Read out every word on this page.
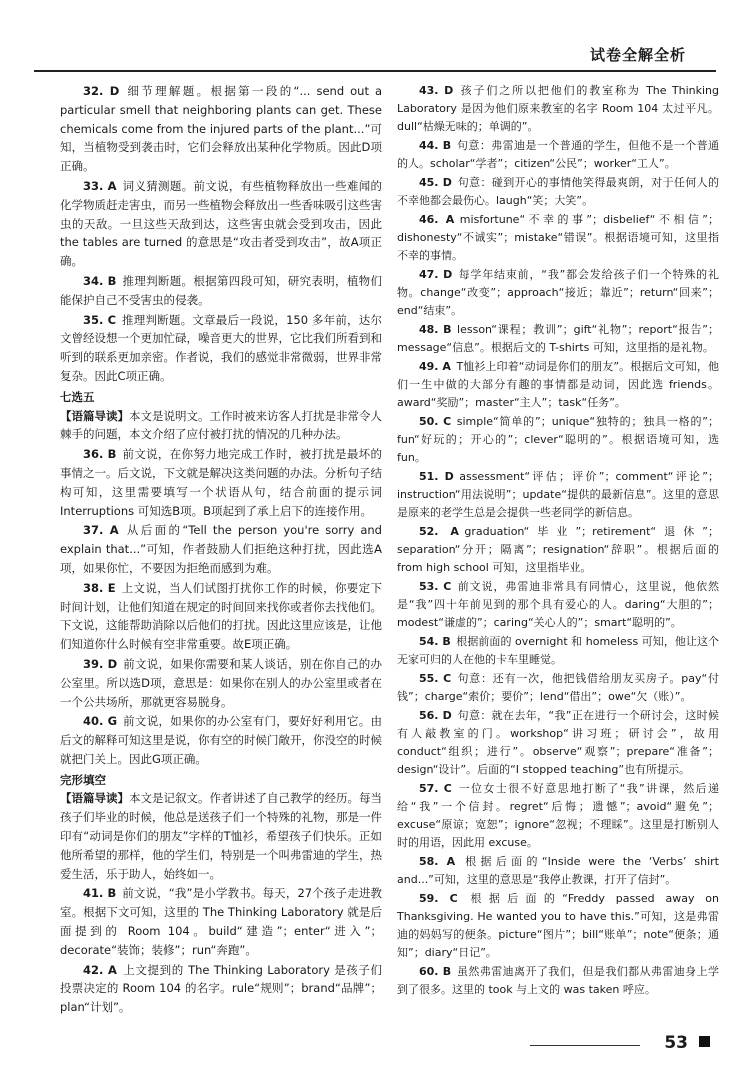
试卷全解全析

32. D  细节理解题。根据第一段的“... send out a particular smell that neighboring plants can get. These chemicals come from the injured parts of the plant...”可知，当植物受到袭击时，它们会释放出某种化学物质。因此D项正确。

33. A  词义猜测题。前文说，有些植物释放出一些难闻的化学物质赶走害虫，而另一些植物会释放出一些香味吸引这些害虫的天敌。一旦这些天敌到达，这些害虫就会受到攻击，因此 the tables are turned 的意思是“攻击者受到攻击”，故A项正确。

34. B  推理判断题。根据第四段可知，研究表明，植物们能保护自己不受害虫的侵袭。

35. C  推理判断题。文章最后一段说，150 多年前，达尔文曾经设想一个更加忙碌，噪音更大的世界，它比我们所看到和听到的联系更加亲密。作者说，我们的感觉非常微弱，世界非常复杂。因此C项正确。

七选五

【语篇导读】本文是说明文。工作时被来访客人打扰是非常令人棘手的问题，本文介绍了应付被打扰的情况的几种办法。

36. B  前文说，在你努力地完成工作时，被打扰是最坏的事情之一。后文说，下文就是解决这类问题的办法。分析句子结构可知，这里需要填写一个状语从句，结合前面的提示词 Interruptions 可知选B项。B项起到了承上启下的连接作用。

37. A  从后面的“Tell the person you're sorry and explain that...”可知，作者鼓励人们拒绝这种打扰，因此选A项，如果你忙，不要因为拒绝而感到为难。

38. E  上文说，当人们试图打扰你工作的时候，你要定下时间计划，让他们知道在规定的时间回来找你或者你去找他们。下文说，这能帮助消除以后他们的打扰。因此这里应该是，让他们知道你什么时候有空非常重要。故E项正确。

39. D  前文说，如果你需要和某人谈话，别在你自己的办公室里。所以选D项，意思是：如果你在别人的办公室里或者在一个公共场所，那就更容易脱身。

40. G  前文说，如果你的办公室有门，要好好利用它。由后文的解释可知这里是说，你有空的时候门敞开，你没空的时候就把门关上。因此G项正确。

完形填空

【语篇导读】本文是记叙文。作者讲述了自己教学的经历。每当孩子们毕业的时候，他总是送孩子们一个特殊的礼物，那是一件印有“动词是你们的朋友”字样的T恤衫，希望孩子们快乐。正如他所希望的那样，他的学生们，特别是一个叫弗雷迪的学生，热爱生活，乐于助人，始终如一。

41. B  前文说，“我”是小学教书。每天，27个孩子走进教室。根据下文可知，这里的 The Thinking Laboratory 就是后面提到的 Room 104。build“建造”；enter“进入”；decorate“装饰；装修”；run“奔跑”。

42. A  上文提到的 The Thinking Laboratory 是孩子们投票决定的 Room 104 的名字。rule“规则”；brand“品牌”；plan“计划”。

43. D  孩子们之所以把他们的教室称为 The Thinking Laboratory 是因为他们原来教室的名字 Room 104 太过平凡。dull“枯燥无味的；单调的”。

44. B  句意：弗雷迪是一个普通的学生，但他不是一个普通的人。scholar“学者”；citizen“公民”；worker“工人”。

45. D  句意：碰到开心的事情他笑得最爽朗，对于任何人的不幸他都会最伤心。laugh“笑；大笑”。

46. A  misfortune“不幸的事”；disbelief“不相信”；dishonesty“不诚实”；mistake“错误”。根据语境可知，这里指不幸的事情。

47. D  每学年结束前，“我”都会发给孩子们一个特殊的礼物。change“改变”；approach“接近；靠近”；return“回来”；end“结束”。

48. B  lesson“课程；教训”；gift“礼物”；report“报告”；message“信息”。根据后文的 T-shirts 可知，这里指的是礼物。

49. A  T恤衫上印着“动词是你们的朋友”。根据后文可知，他们一生中做的大部分有趣的事情都是动词，因此选 friends。award“奖励”；master“主人”；task“任务”。

50. C  simple“简单的”；unique“独特的；独具一格的”；fun“好玩的；开心的”；clever“聪明的”。根据语境可知，选 fun。

51. D  assessment“评估；评价”；comment“评论”；instruction“用法说明”；update“提供的最新信息”。这里的意思是原来的老学生总是会提供一些老同学的新信息。

52. A  graduation“毕业”；retirement“退休”；separation“分开；隔离”；resignation“辞职”。根据后面的 from high school 可知，这里指毕业。

53. C  前文说，弗雷迪非常具有同情心，这里说，他依然是“我”四十年前见到的那个具有爱心的人。daring“大胆的”；modest“谦虚的”；caring“关心人的”；smart“聪明的”。

54. B  根据前面的 overnight 和 homeless 可知，他让这个无家可归的人在他的卡车里睡觉。

55. C  句意：还有一次，他把钱借给朋友买房子。pay“付钱”；charge“索价；要价”；lend“借出”；owe“欠（账）”。

56. D  句意：就在去年，“我”正在进行一个研讨会，这时候有人敲教室的门。workshop“讲习班；研讨会”，故用 conduct“组织；进行”。observe“观察”；prepare“准备”；design“设计”。后面的“I stopped teaching”也有所提示。

57. C  一位女士很不好意思地打断了“我”讲课，然后递给“我”一个信封。regret“后悔；遗憾”；avoid“避免”；excuse“原谅；宽恕”；ignore“忽视；不理睬”。这里是打断别人时的用语，因此用 excuse。

58. A  根据后面的“Inside were the ‘Verbs’ shirt and...”可知，这里的意思是“我停止教课，打开了信封”。

59. C  根据后面的“Freddy passed away on Thanksgiving. He wanted you to have this.”可知，这是弗雷迪的妈妈写的便条。picture“图片”；bill“账单”；note“便条；通知”；diary“日记”。

60. B  虽然弗雷迪离开了我们，但是我们都从弗雷迪身上学到了很多。这里的 took 与上文的 was taken 呼应。

53
